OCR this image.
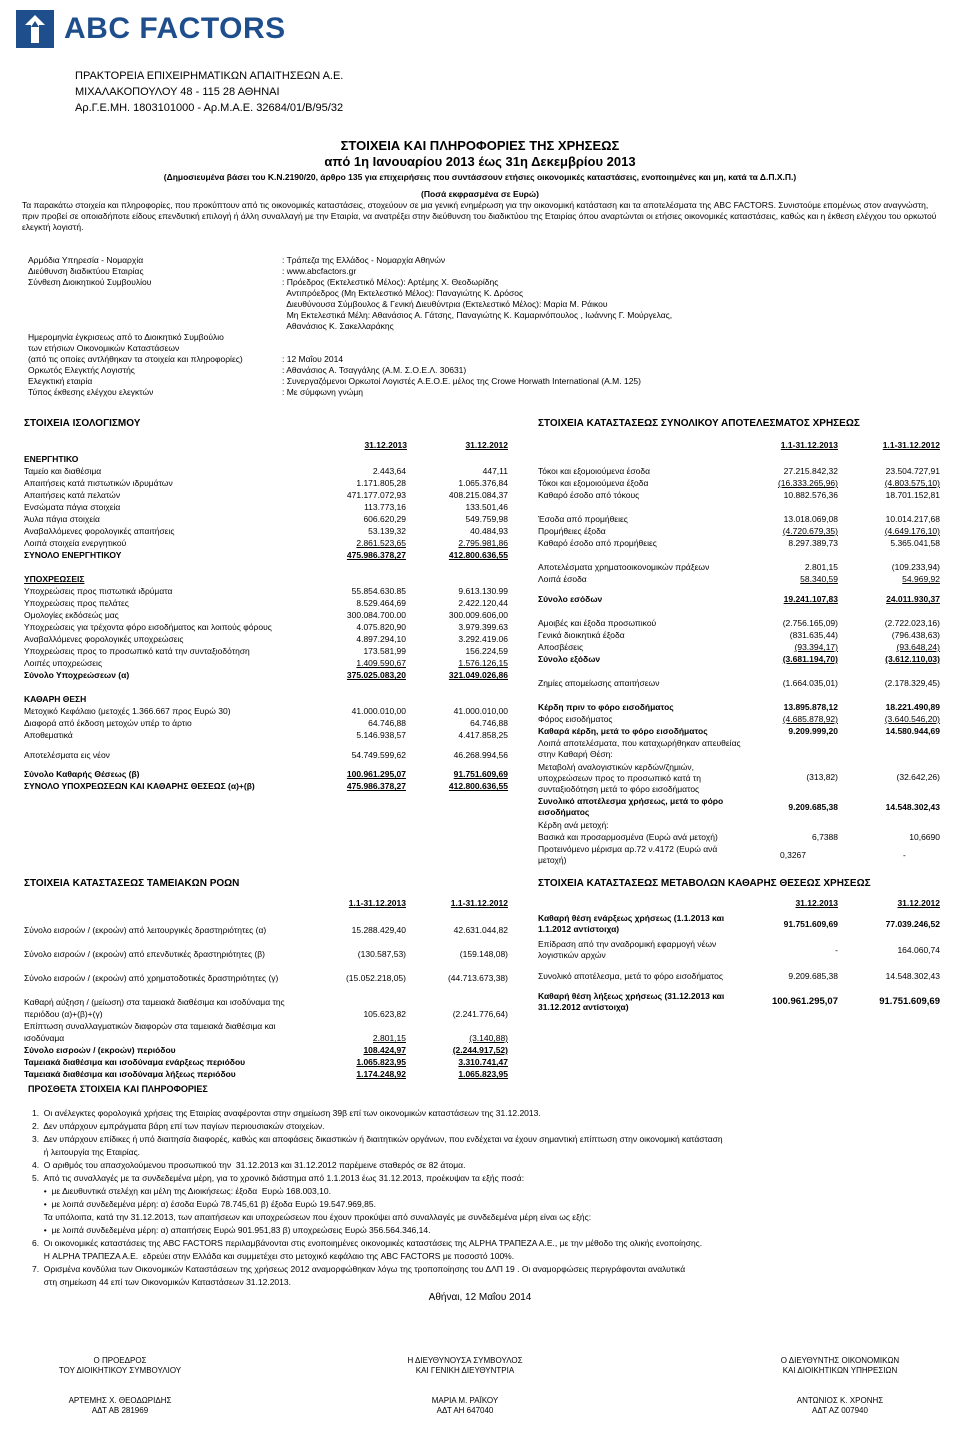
ABC FACTORS
ΠΡΑΚΤΟΡΕΙΑ ΕΠΙΧΕΙΡΗΜΑΤΙΚΩΝ ΑΠΑΙΤΗΣΕΩΝ Α.Ε.
ΜΙΧΑΛΑΚΟΠΟΥΛΟΥ 48 - 115 28 ΑΘΗΝΑΙ
Αρ.Γ.Ε.ΜΗ. 1803101000 - Αρ.Μ.Α.Ε. 32684/01/Β/95/32
ΣΤΟΙΧΕΙΑ ΚΑΙ ΠΛΗΡΟΦΟΡΙΕΣ ΤΗΣ ΧΡΗΣΕΩΣ
από 1η Ιανουαρίου 2013 έως 31η Δεκεμβρίου 2013
(Δημοσιευμένα βάσει του Κ.Ν.2190/20, άρθρο 135 για επιχειρήσεις που συντάσσουν ετήσιες οικονομικές καταστάσεις, ενοποιημένες και μη, κατά τα Δ.Π.Χ.Π.)
(Ποσά εκφρασμένα σε Ευρώ)
Τα παρακάτω στοιχεία και πληροφορίες, που προκύπτουν από τις οικονομικές καταστάσεις, στοχεύουν σε μια γενική ενημέρωση για την οικονομική κατάσταση και τα αποτελέσματα της ABC FACTORS. Συνιστούμε επομένως στον αναγνώστη, πριν προβεί σε οποιαδήποτε είδους επενδυτική επιλογή ή άλλη συναλλαγή με την Εταιρία, να ανατρέξει στην διεύθυνση του διαδικτύου της Εταιρίας όπου αναρτώνται οι ετήσιες οικονομικές καταστάσεις, καθώς και η έκθεση ελέγχου του ορκωτού ελεγκτή λογιστή.
Αρμόδια Υπηρεσία - Νομαρχία	: Τράπεζα της Ελλάδος - Νομαρχία Αθηνών
Διεύθυνση διαδικτύου Εταιρίας	: www.abcfactors.gr
Σύνθεση Διοικητικού Συμβουλίου	: Πρόεδρος (Εκτελεστικό Μέλος): Αρτέμης Χ. Θεοδωρίδης
Αντιπρόεδρος (Μη Εκτελεστικό Μέλος): Παναγιώτης Κ. Δρόσος
Διευθύνουσα Σύμβουλος & Γενική Διευθύντρια (Εκτελεστικό Μέλος): Μαρία Μ. Ράικου
Μη Εκτελεστικά Μέλη: Αθανάσιος Α. Γάτσης, Παναγιώτης Κ. Καμαρινόπουλος , Ιωάννης Γ. Μούργελας,
Αθανάσιος Κ. Σακελλαράκης
Ημερομηνία έγκρισεως από το Διοικητικό Συμβούλιο
των ετήσιων Οικονομικών Καταστάσεων
(από τις οποίες αντλήθηκαν τα στοιχεία και πληροφορίες)	: 12 Μαΐου 2014
Ορκωτός Ελεγκτής Λογιστής	: Αθανάσιος Α. Τσαγγάλης (Α.Μ. Σ.Ο.Ε.Λ. 30631)
Ελεγκτική εταιρία	: Συνεργαζόμενοι Ορκωτοί Λογιστές Α.Ε.Ο.Ε. μέλος της Crowe Horwath International (Α.Μ. 125)
Τύπος έκθεσης ελέγχου ελεγκτών	: Με σύμφωνη γνώμη
ΣΤΟΙΧΕΙΑ ΙΣΟΛΟΓΙΣΜΟΥ
31.12.2013	31.12.2012
ΕΝΕΡΓΗΤΙΚΟ
Ταμείο και διαθέσιμα	2.443,64	447,11
Απαιτήσεις κατά πιστωτικών ιδρυμάτων	1.171.805,28	1.065.376,84
Απαιτήσεις κατά πελατών	471.177.072,93	408.215.084,37
Ενσώματα πάγια στοιχεία	113.773,16	133.501,46
Άυλα πάγια στοιχεία	606.620,29	549.759,98
Αναβαλλόμενες φορολογικές απαιτήσεις	53.139,32	40.484,93
Λοιπά στοιχεία ενεργητικού	2.861.523,65	2.795.981,86
ΣΥΝΟΛΟ ΕΝΕΡΓΗΤΙΚΟΥ	475.986.378,27	412.800.636,55
ΥΠΟΧΡΕΩΣΕΙΣ
Υποχρεώσεις προς πιστωτικά ιδρύματα	55.854.630.85	9.613.130.99
Υποχρεώσεις προς πελάτες	8.529.464,69	2.422.120,44
Ομολογίες εκδόσεώς μας	300.084.700.00	300.009.606,00
Υποχρεώσεις για τρέχοντα φόρο εισοδήματος και λοιπούς φόρους	4.075.820,90	3.979.399.63
Αναβαλλόμενες φορολογικές υποχρεώσεις	4.897.294,10	3.292.419.06
Υποχρεώσεις προς το προσωπικό κατά την συνταξιοδότηση	173.581,99	156.224,59
Λοιπές υποχρεώσεις	1.409.590,67	1.576.126,15
Σύνολο Υποχρεώσεων (α)	375.025.083,20	321.049.026,86
ΚΑΘΑΡΗ ΘΕΣΗ
Μετοχικό Κεφάλαιο (μετοχές 1.366.667 προς Ευρώ 30)	41.000.010,00	41.000.010,00
Διαφορά από έκδοση μετοχών υπέρ το άρτιο	64.746,88	64.746,88
Αποθεματικά	5.146.938,57	4.417.858,25
Αποτελέσματα εις νέον	54.749.599,62	46.268.994,56
Σύνολο Καθαρής Θέσεως (β)	100.961.295,07	91.751.609,69
ΣΥΝΟΛΟ ΥΠΟΧΡΕΩΣΕΩΝ ΚΑΙ ΚΑΘΑΡΗΣ ΘΕΣΕΩΣ (α)+(β)	475.986.378,27	412.800.636,55
ΣΤΟΙΧΕΙΑ ΚΑΤΑΣΤΑΣΕΩΣ ΣΥΝΟΛΙΚΟΥ ΑΠΟΤΕΛΕΣΜΑΤΟΣ ΧΡΗΣΕΩΣ
1.1-31.12.2013	1.1-31.12.2012
Τόκοι και εξομοιούμενα έσοδα	27.215.842,32	23.504.727,91
Τόκοι και εξομοιούμενα έξοδα	(16.333.265,96)	(4.803.575,10)
Καθαρό έσοδο από τόκους	10.882.576,36	18.701.152,81
Έσοδα από προμήθειες	13.018.069,08	10.014.217,68
Προμήθειες έξοδα	(4.720.679,35)	(4.649.176,10)
Καθαρό έσοδο από προμήθειες	8.297.389,73	5.365.041,58
Αποτελέσματα χρηματοοικονομικών πράξεων	2.801,15	(109.233,94)
Λοιπά έσοδα	58.340,59	54.969,92
Σύνολο εσόδων	19.241.107,83	24.011.930,37
Αμοιβές και έξοδα προσωπικού	(2.756.165,09)	(2.722.023,16)
Γενικά διοικητικά έξοδα	(831.635,44)	(796.438,63)
Αποσβέσεις	(93.394,17)	(93.648,24)
Σύνολο εξόδων	(3.681.194,70)	(3.612.110,03)
Ζημίες απομείωσης απαιτήσεων	(1.664.035,01)	(2.178.329,45)
Κέρδη πριν το φόρο εισοδήματος	13.895.878,12	18.221.490,89
Φόρος εισοδήματος	(4.685.878,92)	(3.640.546,20)
Καθαρά κέρδη, μετά το φόρο εισοδήματος	9.209.999,20	14.580.944,69
Λοιπά αποτελέσματα, που καταχωρήθηκαν απευθείας στην Καθαρή Θέση:
Μεταβολή αναλογιστικών κερδών/ζημιών, υποχρεώσεων προς το προσωπικό κατά τη συνταξιοδότηση μετά το φόρο εισοδήματος
(313,82)	(32.642,26)
Συνολικό αποτέλεσμα χρήσεως, μετά το φόρο εισοδήματος	9.209.685,38	14.548.302,43
Κέρδη ανά μετοχή:
Βασικά και προσαρμοσμένα (Ευρώ ανά μετοχή)	6,7388	10,6690
Προτεινόμενο μέρισμα αρ.72 ν.4172 (Ευρώ ανά μετοχή)	0,3267	-
ΣΤΟΙΧΕΙΑ ΚΑΤΑΣΤΑΣΕΩΣ ΤΑΜΕΙΑΚΩΝ ΡΟΩΝ
1.1-31.12.2013	1.1-31.12.2012
Σύνολο εισροών / (εκροών) από λειτουργικές δραστηριότητες (α)	15.288.429,40	42.631.044,82
Σύνολο εισροών / (εκροών) από επενδυτικές δραστηριότητες (β)	(130.587,53)	(159.148,08)
Σύνολο εισροών / (εκροών) από χρηματοδοτικές δραστηριότητες (γ)	(15.052.218,05)	(44.713.673,38)
Καθαρή αύξηση / (μείωση) στα ταμειακά διαθέσιμα και ισοδύναμα της
περιόδου (α)+(β)+(γ)	105.623,82	(2.241.776,64)
Επίπτωση συναλλαγματικών διαφορών στα ταμειακά διαθέσιμα και
ισοδύναμα	2.801,15	(3.140,88)
Σύνολο εισροών / (εκροών) περιόδου	108.424,97	(2.244.917,52)
Ταμειακά διαθέσιμα και ισοδύναμα ενάρξεως περιόδου	1.065.823,95	3.310.741,47
Ταμειακά διαθέσιμα και ισοδύναμα λήξεως περιόδου	1.174.248,92	1.065.823,95
ΣΤΟΙΧΕΙΑ ΚΑΤΑΣΤΑΣΕΩΣ ΜΕΤΑΒΟΛΩΝ ΚΑΘΑΡΗΣ ΘΕΣΕΩΣ ΧΡΗΣΕΩΣ
31.12.2013	31.12.2012
Καθαρή θέση ενάρξεως χρήσεως (1.1.2013 και 1.1.2012 αντίστοιχα)
91.751.609,69	77.039.246,52
Επίδραση από την αναδρομική εφαρμογή νέων λογιστικών αρχών
-	164.060,74
Συνολικό αποτέλεσμα, μετά το φόρο εισοδήματος	9.209.685,38	14.548.302,43
Καθαρή θέση λήξεως χρήσεως (31.12.2013 και 31.12.2012 αντίστοιχα)	100.961.295,07	91.751.609,69
ΠΡΟΣΘΕΤΑ ΣΤΟΙΧΕΙΑ ΚΑΙ ΠΛΗΡΟΦΟΡΙΕΣ

1.  Οι ανέλεγκτες φορολογικά χρήσεις της Εταιρίας αναφέρονται στην σημείωση 39β επί των οικονομικών καταστάσεων της 31.12.2013.

2.  Δεν υπάρχουν εμπράγματα βάρη επί των παγίων περιουσιακών στοιχείων.

3.  Δεν υπάρχουν επίδικες ή υπό διαιτησία διαφορές, καθώς και αποφάσεις δικαστικών ή διαιτητικών οργάνων, που ενδέχεται να έχουν σημαντική επίπτωση στην οικονομική κατάσταση

ή λειτουργία της Εταιρίας.

4.  Ο αριθμός του απασχολούμενου προσωπικού την  31.12.2013 και 31.12.2012 παρέμεινε σταθερός σε 82 άτομα.

5.  Από τις συναλλαγές με τα συνδεδεμένα μέρη, για το χρονικό διάστημα από 1.1.2013 έως 31.12.2013, προέκυψαν τα εξής ποσά:

•  με Διευθυντικά στελέχη και μέλη της Διοικήσεως: έξοδα  Ευρώ 168.003,10.

•  με λοιπά συνδεδεμένα μέρη: α) έσοδα Ευρώ 78.745,61 β) έξοδα Ευρώ 19.547.969,85.

Τα υπόλοιπα, κατά την 31.12.2013, των απαιτήσεων και υποχρεώσεων που έχουν προκύψει από συναλλαγές με συνδεδεμένα μέρη είναι ως εξής:

•  με λοιπά συνδεδεμένα μέρη: α) απαιτήσεις Ευρώ 901.951,83 β) υποχρεώσεις Ευρώ 356.564.346,14.

6.  Οι οικονομικές καταστάσεις της ABC FACTORS περιλαμβάνονται στις ενοποιημένες οικονομικές καταστάσεις της ALPHA ΤΡΑΠΕΖΑ Α.Ε., με την μέθοδο της ολικής ενοποίησης.

Η ALPHA ΤΡΑΠΕΖΑ Α.Ε.  εδρεύει στην Ελλάδα και συμμετέχει στο μετοχικό κεφάλαιο της ABC FACTORS με ποσοστό 100%.

7.  Ορισμένα κονδύλια των Οικονομικών Καταστάσεων της χρήσεως 2012 αναμορφώθηκαν λόγω της τροποποίησης του ΔΛΠ 19 . Οι αναμορφώσεις περιγράφονται αναλυτικά

στη σημείωση 44 επί των Οικονομικών Καταστάσεων 31.12.2013.

Αθήναι, 12 Μαΐου 2014
Ο ΠΡΟΕΔΡΟΣ
ΤΟΥ ΔΙΟΙΚΗΤΙΚΟΥ ΣΥΜΒΟΥΛΙΟΥ
ΑΡΤΕΜΗΣ Χ. ΘΕΟΔΩΡΙΔΗΣ
ΑΔΤ ΑΒ 281969
Η ΔΙΕΥΘΥΝΟΥΣΑ ΣΥΜΒΟΥΛΟΣ
ΚΑΙ ΓΕΝΙΚΗ ΔΙΕΥΘΥΝΤΡΙΑ
ΜΑΡΙΑ Μ. ΡΑΪΚΟΥ
ΑΔΤ ΑΗ 647040
Ο ΔΙΕΥΘΥΝΤΗΣ ΟΙΚΟΝΟΜΙΚΩΝ
ΚΑΙ ΔΙΟΙΚΗΤΙΚΩΝ ΥΠΗΡΕΣΙΩΝ
ΑΝΤΩΝΙΟΣ Κ. ΧΡΟΝΗΣ
ΑΔΤ ΑΖ 007940
